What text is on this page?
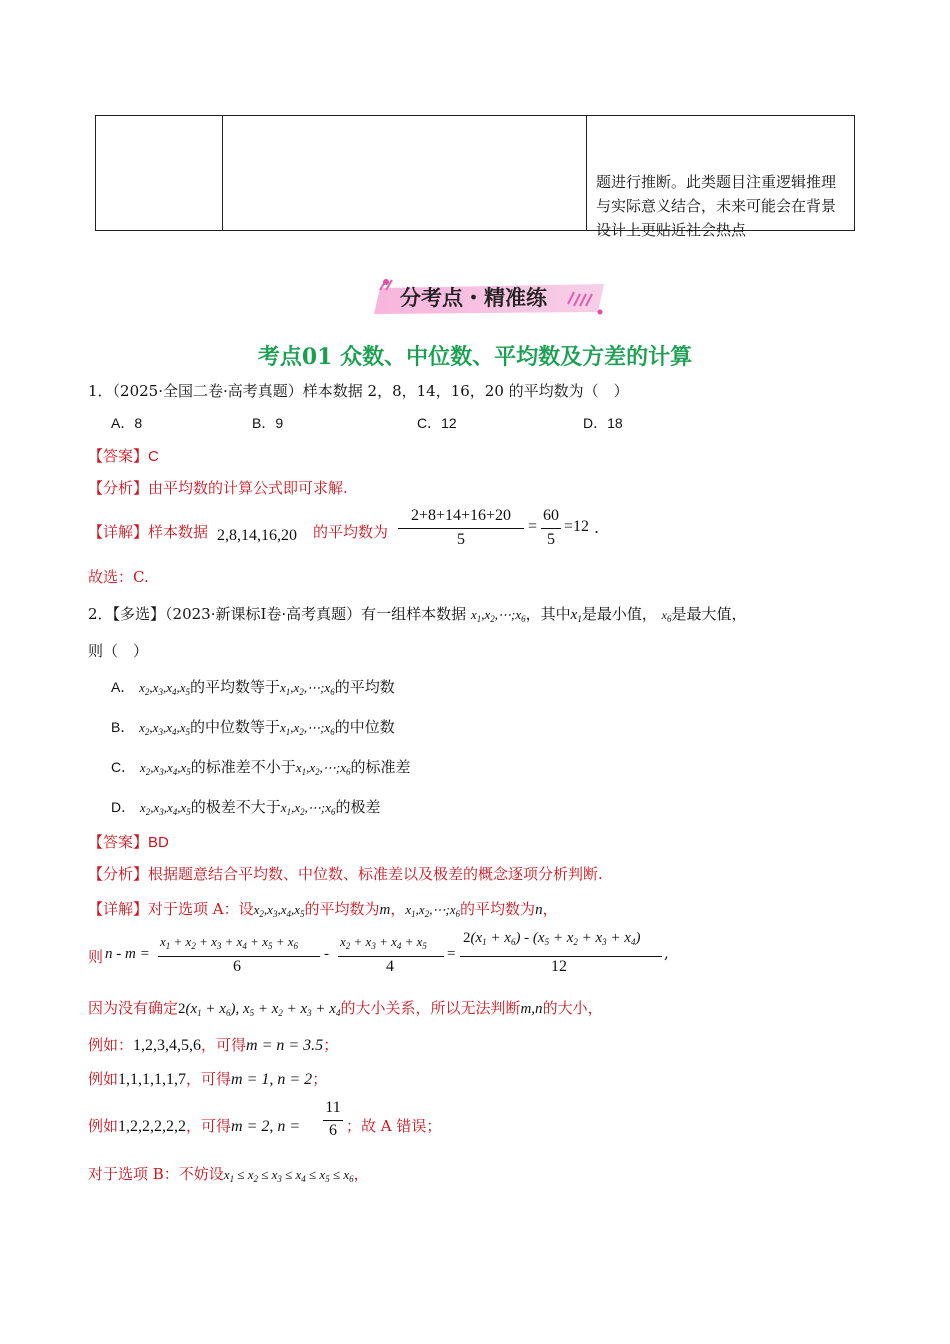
题进行推断。此类题目注重逻辑推理与实际意义结合，未来可能会在背景设计上更贴近社会热点
分考点・精准练
考点01 众数、中位数、平均数及方差的计算
1．（2025·全国二卷·高考真题）样本数据 2，8，14，16，20 的平均数为（　）
A．8	B．9	C．12	D．18
【答案】C
【分析】由平均数的计算公式即可求解.
【详解】样本数据 2,8,14,16,20 的平均数为
2+8+14+16+20
5
=
60
5
=12 .
故选：C.
2．【多选】（2023·新课标Ⅰ卷·高考真题）有一组样本数据 $x_1,x_2,\cdots;x_6$，其中$x_1$是最小值， $x_6$是最大值，
则（　）
A． $x_2,x_3,x_4,x_5$的平均数等于$x_1,x_2,\cdots;x_6$的平均数
B． $x_2,x_3,x_4,x_5$的中位数等于$x_1,x_2,\cdots;x_6$的中位数
C． $x_2,x_3,x_4,x_5$的标准差不小于$x_1,x_2,\cdots;x_6$的标准差
D． $x_2,x_3,x_4,x_5$的极差不大于$x_1,x_2,\cdots;x_6$的极差
【答案】BD
【分析】根据题意结合平均数、中位数、标准差以及极差的概念逐项分析判断.
【详解】对于选项 A：设$x_2,x_3,x_4,x_5$的平均数为m，$x_1,x_2,\cdots;x_6$的平均数为n，
则 n - m =
$x_1 + x_2 + x_3 + x_4 + x_5 + x_6$
6
-
$x_2 + x_3 + x_4 + x_5$
4
=
$2(x_1 + x_6) - (x_5 + x_2 + x_3 + x_4)$
12
,
因为没有确定$2(x_1 + x_6)$, $x_5 + x_2 + x_3 + x_4$的大小关系，所以无法判断m,n的大小，
例如：1,2,3,4,5,6，可得m = n = 3.5；
例如1,1,1,1,1,7，可得m = 1, n = 2；
例如1,2,2,2,2,2，可得m = 2, n =
11
6 ；故 A 错误；
对于选项 B：不妨设$x_1 \le x_2 \le x_3 \le x_4 \le x_5 \le x_6$，
